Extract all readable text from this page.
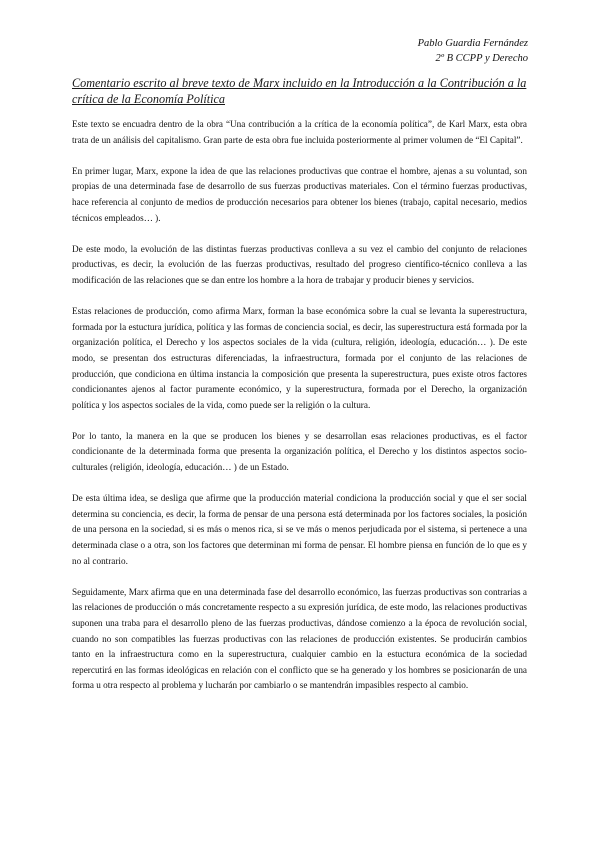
Pablo Guardia Fernández
2º B CCPP y Derecho
Comentario escrito al breve texto de Marx incluido en la Introducción a la Contribución a la crítica de la Economía Política

Este texto se encuadra dentro de la obra “Una contribución a la crítica de la economía política”, de Karl Marx, esta obra trata de un análisis del capitalismo. Gran parte de esta obra fue incluida posteriormente al primer volumen de “El Capital”.

En primer lugar, Marx, expone la idea de que las relaciones productivas que contrae el hombre, ajenas a su voluntad, son propias de una determinada fase de desarrollo de sus fuerzas productivas materiales. Con el término fuerzas productivas, hace referencia al conjunto de medios de producción necesarios para obtener los bienes (trabajo, capital necesario, medios técnicos empleados… ).

De este modo, la evolución de las distintas fuerzas productivas conlleva a su vez el cambio del conjunto de relaciones productivas, es decir, la evolución de las fuerzas productivas, resultado del progreso científico-técnico conlleva a las modificación de las relaciones que se dan entre los hombre a la hora de trabajar y producir bienes y servicios.

Estas relaciones de producción, como afirma Marx, forman la base económica sobre la cual se levanta la superestructura, formada por la estuctura jurídica, política y las formas de conciencia social, es decir, las superestructura está formada por la organización política, el Derecho y los aspectos sociales de la vida (cultura, religión, ideología, educación… ). De este modo, se presentan dos estructuras diferenciadas, la infraestructura, formada por el conjunto de las relaciones de producción, que condiciona en última instancia la composición que presenta la superestructura, pues existe otros factores condicionantes ajenos al factor puramente económico, y la superestructura, formada por el Derecho, la organización política y los aspectos sociales de la vida, como puede ser la religión o la cultura.

Por lo tanto, la manera en la que se producen los bienes y se desarrollan esas relaciones productivas, es el factor condicionante de la determinada forma que presenta la organización política, el Derecho y los distintos aspectos socio-culturales (religión, ideología, educación… ) de un Estado.

De esta última idea, se desliga que afirme que la producción material condiciona la producción social y que el ser social determina su conciencia, es decir, la forma de pensar de una persona está determinada por los factores sociales, la posición de una persona en la sociedad, si es más o menos rica, si se ve más o menos perjudicada por el sistema, si pertenece a una determinada clase o a otra, son los factores que determinan mi forma de pensar. El hombre piensa en función de lo que es y no al contrario.

Seguidamente, Marx afirma que en una determinada fase del desarrollo económico, las fuerzas productivas son contrarias a las relaciones de producción o más concretamente respecto a su expresión jurídica, de este modo, las relaciones productivas suponen una traba para el desarrollo pleno de las fuerzas productivas, dándose comienzo a la época de revolución social, cuando no son compatibles las fuerzas productivas con las relaciones de producción existentes. Se producirán cambios tanto en la infraestructura como en la superestructura, cualquier cambio en la estuctura económica de la sociedad repercutirá en las formas ideológicas en relación con el conflicto que se ha generado y los hombres se posicionarán de una forma u otra respecto al problema y lucharán por cambiarlo o se mantendrán impasibles respecto al cambio.
